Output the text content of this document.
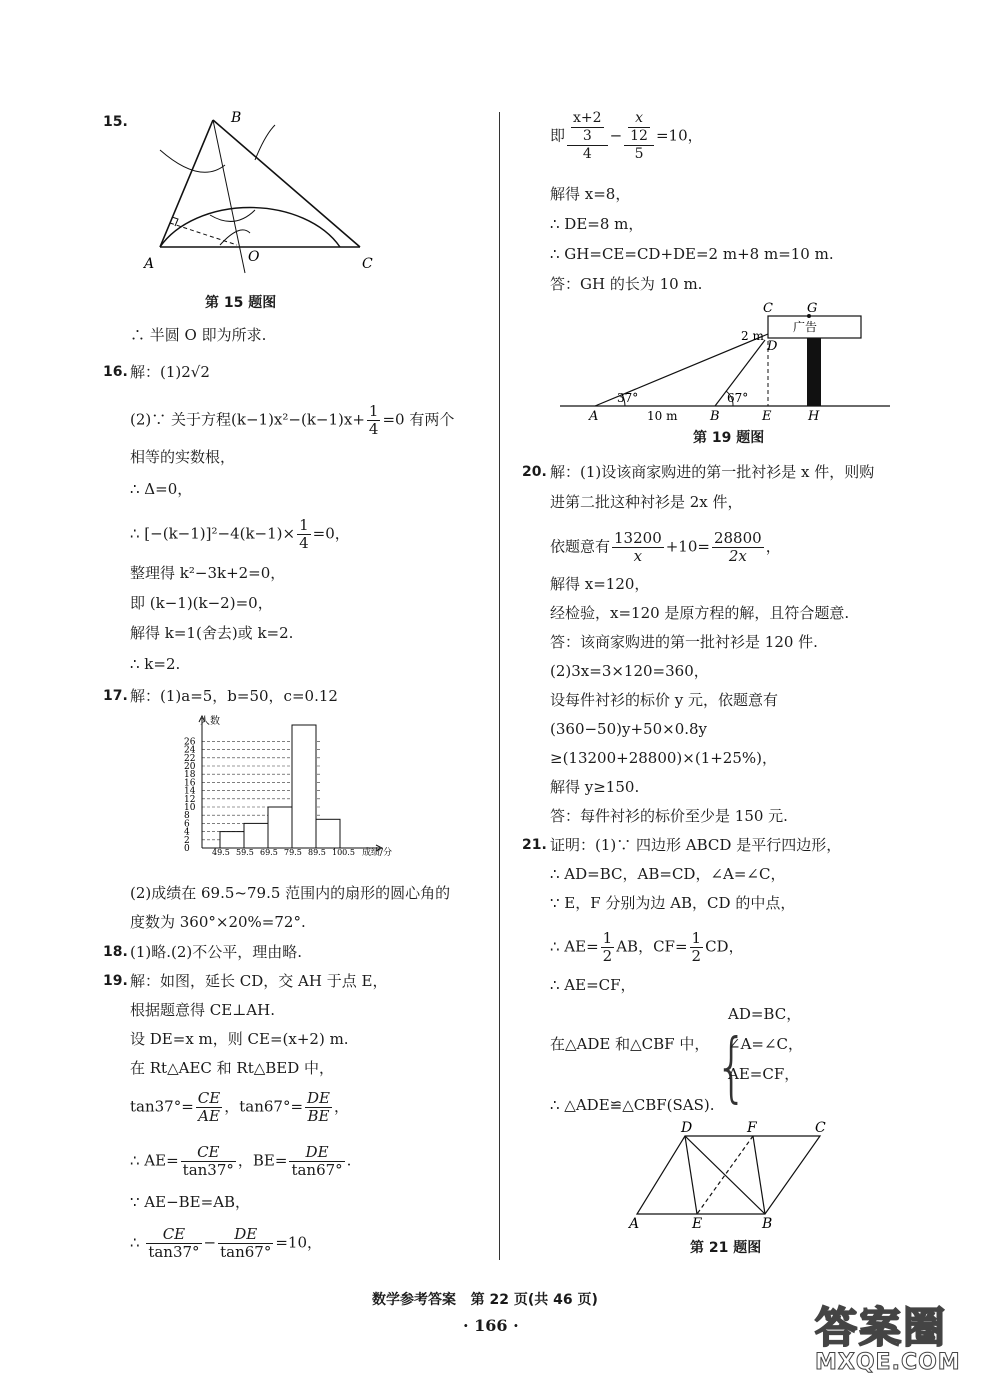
15.	B
A	O	C
第 15 题图
∴ 半圆 O 即为所求.
16. 解：(1)2√2
(2)∵ 关于方程$(k-1)x^2-(k-1)x+ \frac{1}{4} =0$ 有两个
相等的实数根，
∴ Δ=0，
∴ $[-(k-1)]^2-4(k-1)\times \frac{1}{4} =0$，
整理得 k²−3k+2=0，
即 (k−1)(k−2)=0，
解得 k=1(舍去)或 k=2.
∴ k=2.
17. 解：(1)a=5，b=50，c=0.12
0
2
4
6
8
10
12
14
16
18
20
22
24
26
49.5 59.5 69.5 79.5 89.5 100.5
人数
成绩/分
(2)成绩在 69.5~79.5 范围内的扇形的圆心角的
度数为 360°×20%=72°.
18. (1)略.(2)不公平，理由略.
19. 解：如图，延长 CD，交 AH 于点 E，
根据题意得 CE⊥AH.
设 DE=x m，则 CE=(x+2) m.
在 Rt△AEC 和 Rt△BED 中，
$\tan 37^\circ= \frac{CE}{AE}$ ，$\tan 67^\circ= \frac{DE}{BE}$ ，
∴ $AE= \frac{CE}{\tan 37^\circ}$ ，$BE= \frac{DE}{\tan 67^\circ}$ .
∵ AE−BE=AB，
∴ $\frac{CE}{\tan 37^\circ} - \frac{DE}{\tan 67^\circ} =10$，
即 x+2
3
4 − x
12
5 =10，
解得 x=8，
∴ DE=8 m，
∴ GH=CE=CD+DE=2 m+8 m=10 m.
答：GH 的长为 10 m.
C	G
广告
2 m
D
37°	67°
A	10 m	B	E	H
第 19 题图
20. 解：(1)设该商家购进的第一批衬衫是 x 件，则购
进第二批这种衬衫是 2x 件，
依题意有 $\frac{13200}{x} +10= \frac{28800}{2x}$ ，
解得 x=120，
经检验，x=120 是原方程的解，且符合题意.
答：该商家购进的第一批衬衫是 120 件.
(2)3x=3×120=360，
设每件衬衫的标价 y 元，依题意有
(360−50)y+50×0.8y
≥(13200+28800)×(1+25%)，
解得 y≥150.
答：每件衬衫的标价至少是 150 元.
21. 证明：(1)∵ 四边形 ABCD 是平行四边形，
∴ AD=BC，AB=CD，∠A=∠C，
∵ E，F 分别为边 AB，CD 的中点，
∴ $AE= \frac{1}{2}$ AB，$CF= \frac{1}{2}$ CD，
∴ AE=CF，
在△ADE 和△CBF 中， {
AD=BC，
∠A=∠C，
AE=CF，
∴ △ADE≌△CBF(SAS).
D	F	C
A	E	B
第 21 题图
数学参考答案 第 22 页(共 46 页)
· 166 ·	答案圈
MXQE.COM
